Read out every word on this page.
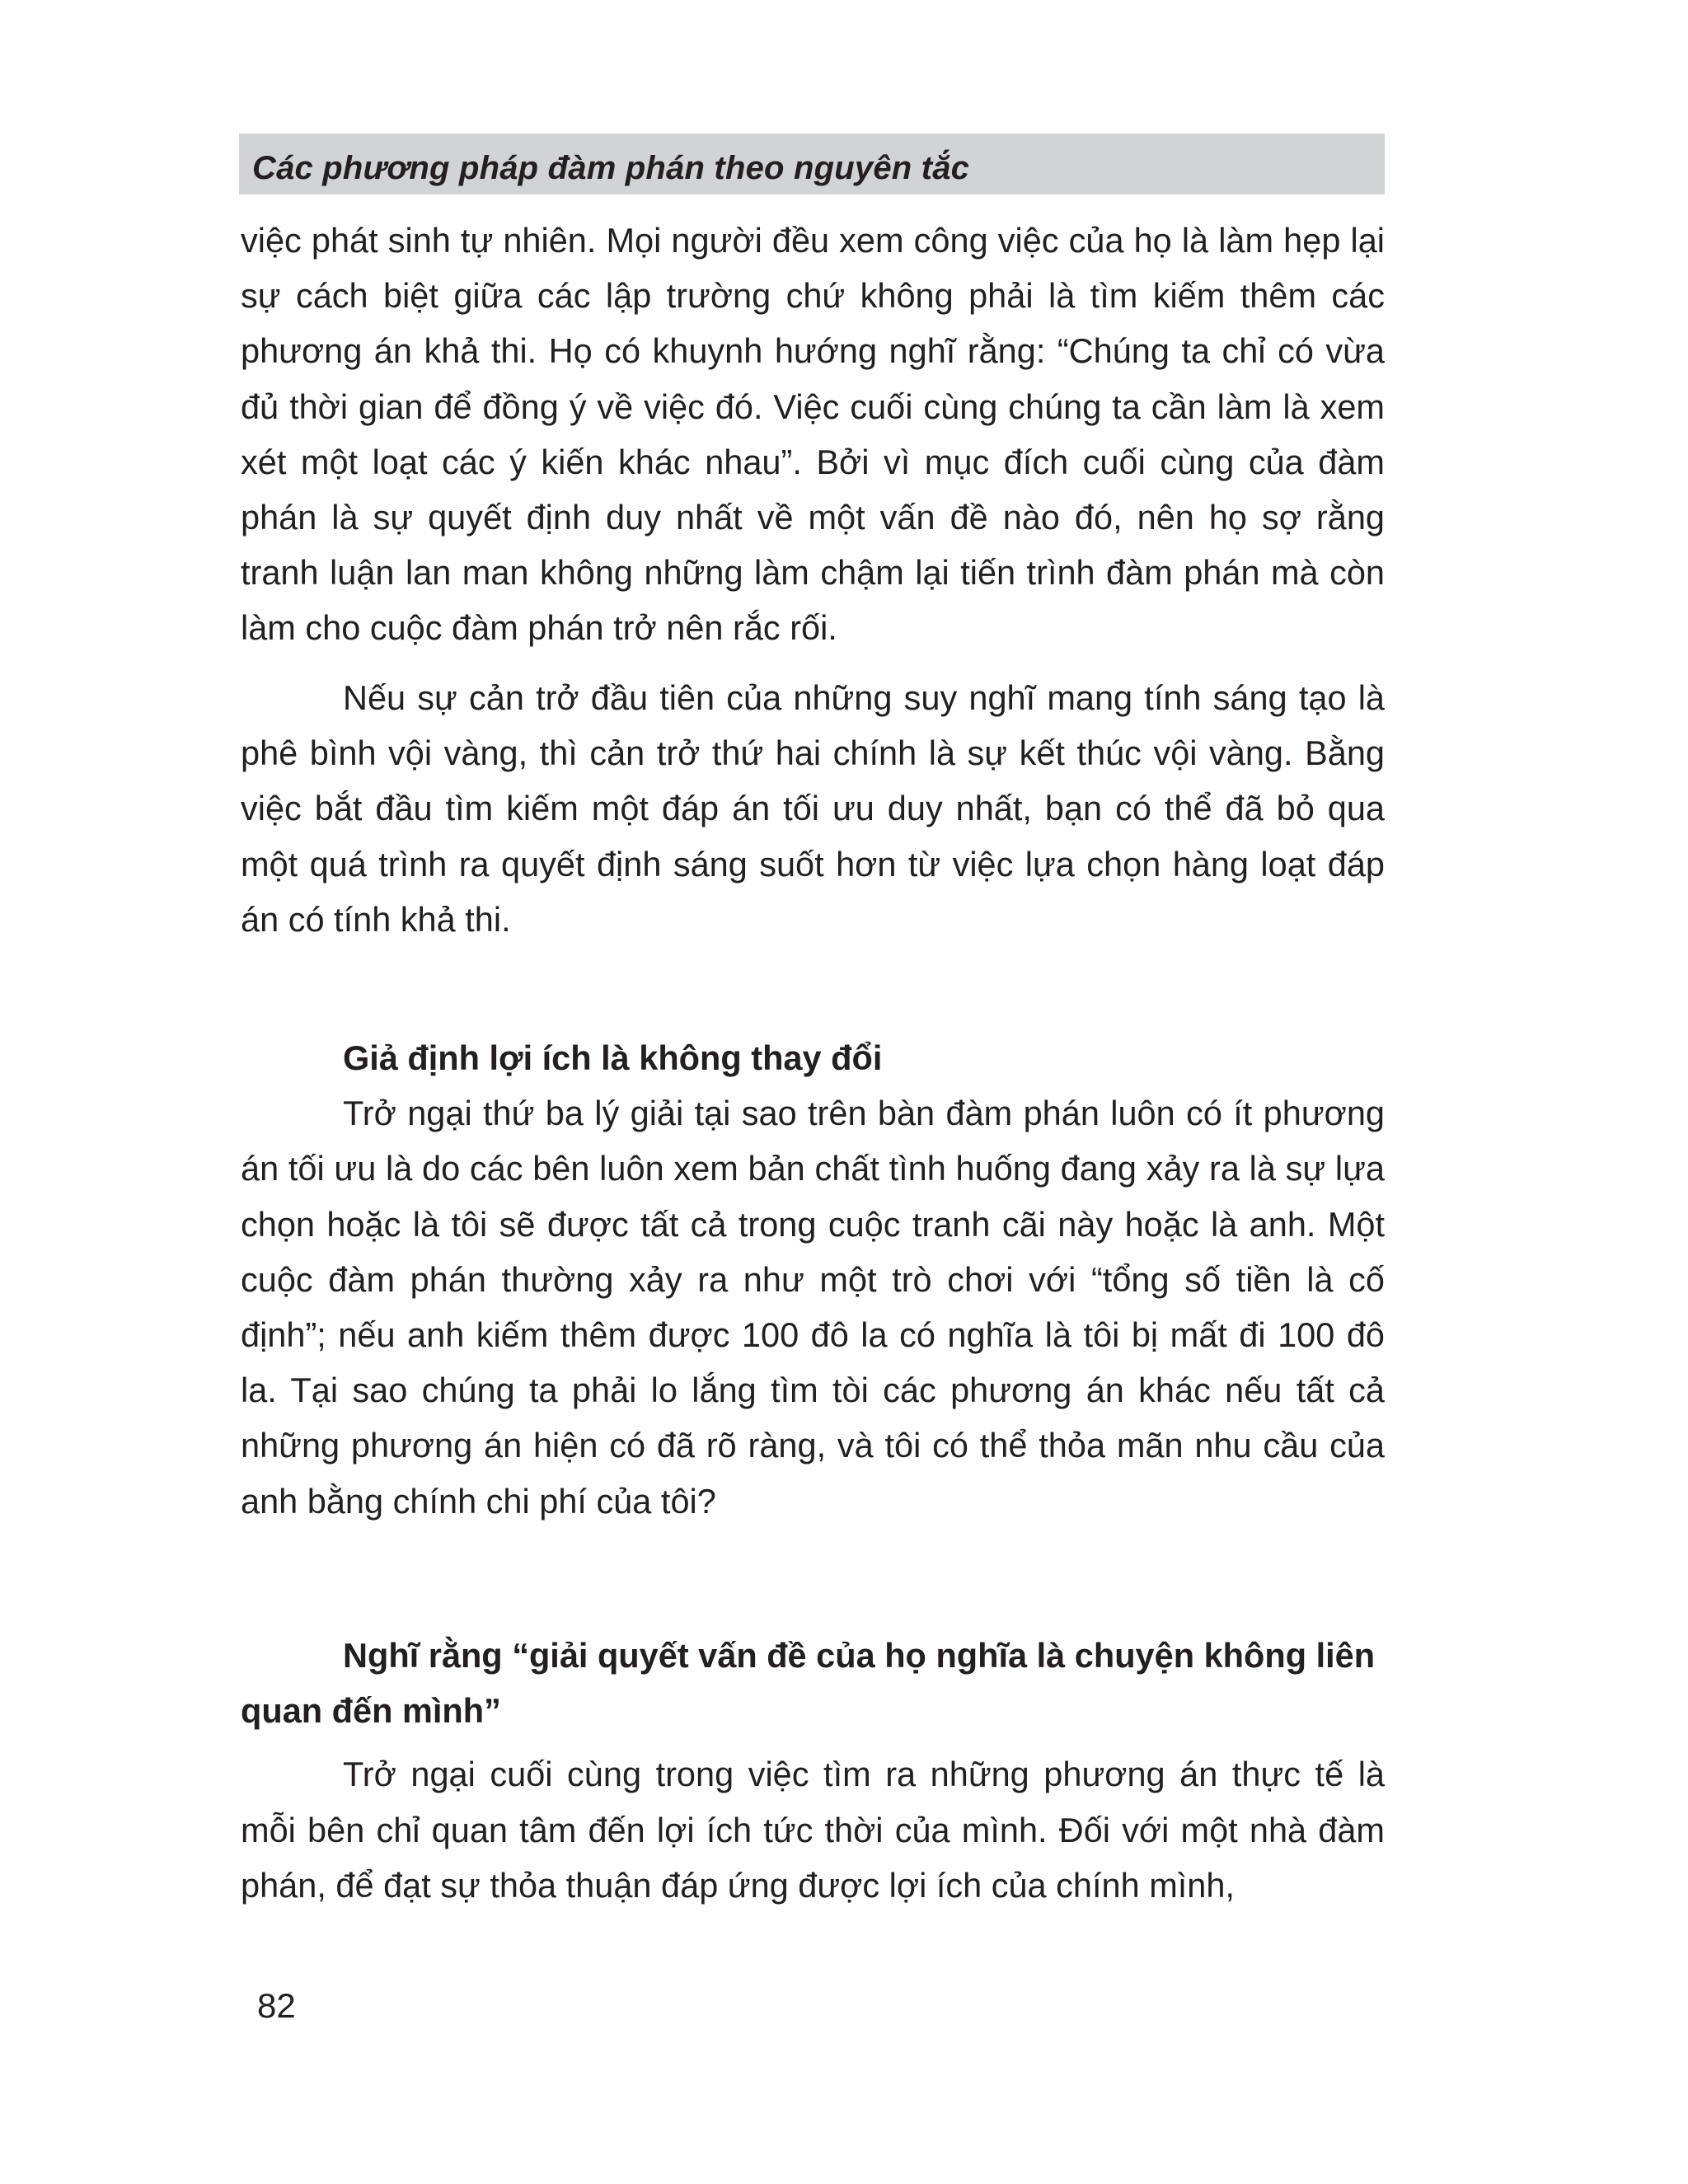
Các phương pháp đàm phán theo nguyên tắc

việc phát sinh tự nhiên. Mọi người đều xem công việc của họ là làm hẹp lại sự cách biệt giữa các lập trường chứ không phải là tìm kiếm thêm các phương án khả thi. Họ có khuynh hướng nghĩ rằng: “Chúng ta chỉ có vừa đủ thời gian để đồng ý về việc đó. Việc cuối cùng chúng ta cần làm là xem xét một loạt các ý kiến khác nhau”. Bởi vì mục đích cuối cùng của đàm phán là sự quyết định duy nhất về một vấn đề nào đó, nên họ sợ rằng tranh luận lan man không những làm chậm lại tiến trình đàm phán mà còn làm cho cuộc đàm phán trở nên rắc rối.

Nếu sự cản trở đầu tiên của những suy nghĩ mang tính sáng tạo là phê bình vội vàng, thì cản trở thứ hai chính là sự kết thúc vội vàng. Bằng việc bắt đầu tìm kiếm một đáp án tối ưu duy nhất, bạn có thể đã bỏ qua một quá trình ra quyết định sáng suốt hơn từ việc lựa chọn hàng loạt đáp án có tính khả thi.

Giả định lợi ích là không thay đổi

Trở ngại thứ ba lý giải tại sao trên bàn đàm phán luôn có ít phương án tối ưu là do các bên luôn xem bản chất tình huống đang xảy ra là sự lựa chọn hoặc là tôi sẽ được tất cả trong cuộc tranh cãi này hoặc là anh. Một cuộc đàm phán thường xảy ra như một trò chơi với “tổng số tiền là cố định”; nếu anh kiếm thêm được 100 đô la có nghĩa là tôi bị mất đi 100 đô la. Tại sao chúng ta phải lo lắng tìm tòi các phương án khác nếu tất cả những phương án hiện có đã rõ ràng, và tôi có thể thỏa mãn nhu cầu của anh bằng chính chi phí của tôi?

Nghĩ rằng “giải quyết vấn đề của họ nghĩa là chuyện không liên quan đến mình”

Trở ngại cuối cùng trong việc tìm ra những phương án thực tế là mỗi bên chỉ quan tâm đến lợi ích tức thời của mình. Đối với một nhà đàm phán, để đạt sự thỏa thuận đáp ứng được lợi ích của chính mình,

82
